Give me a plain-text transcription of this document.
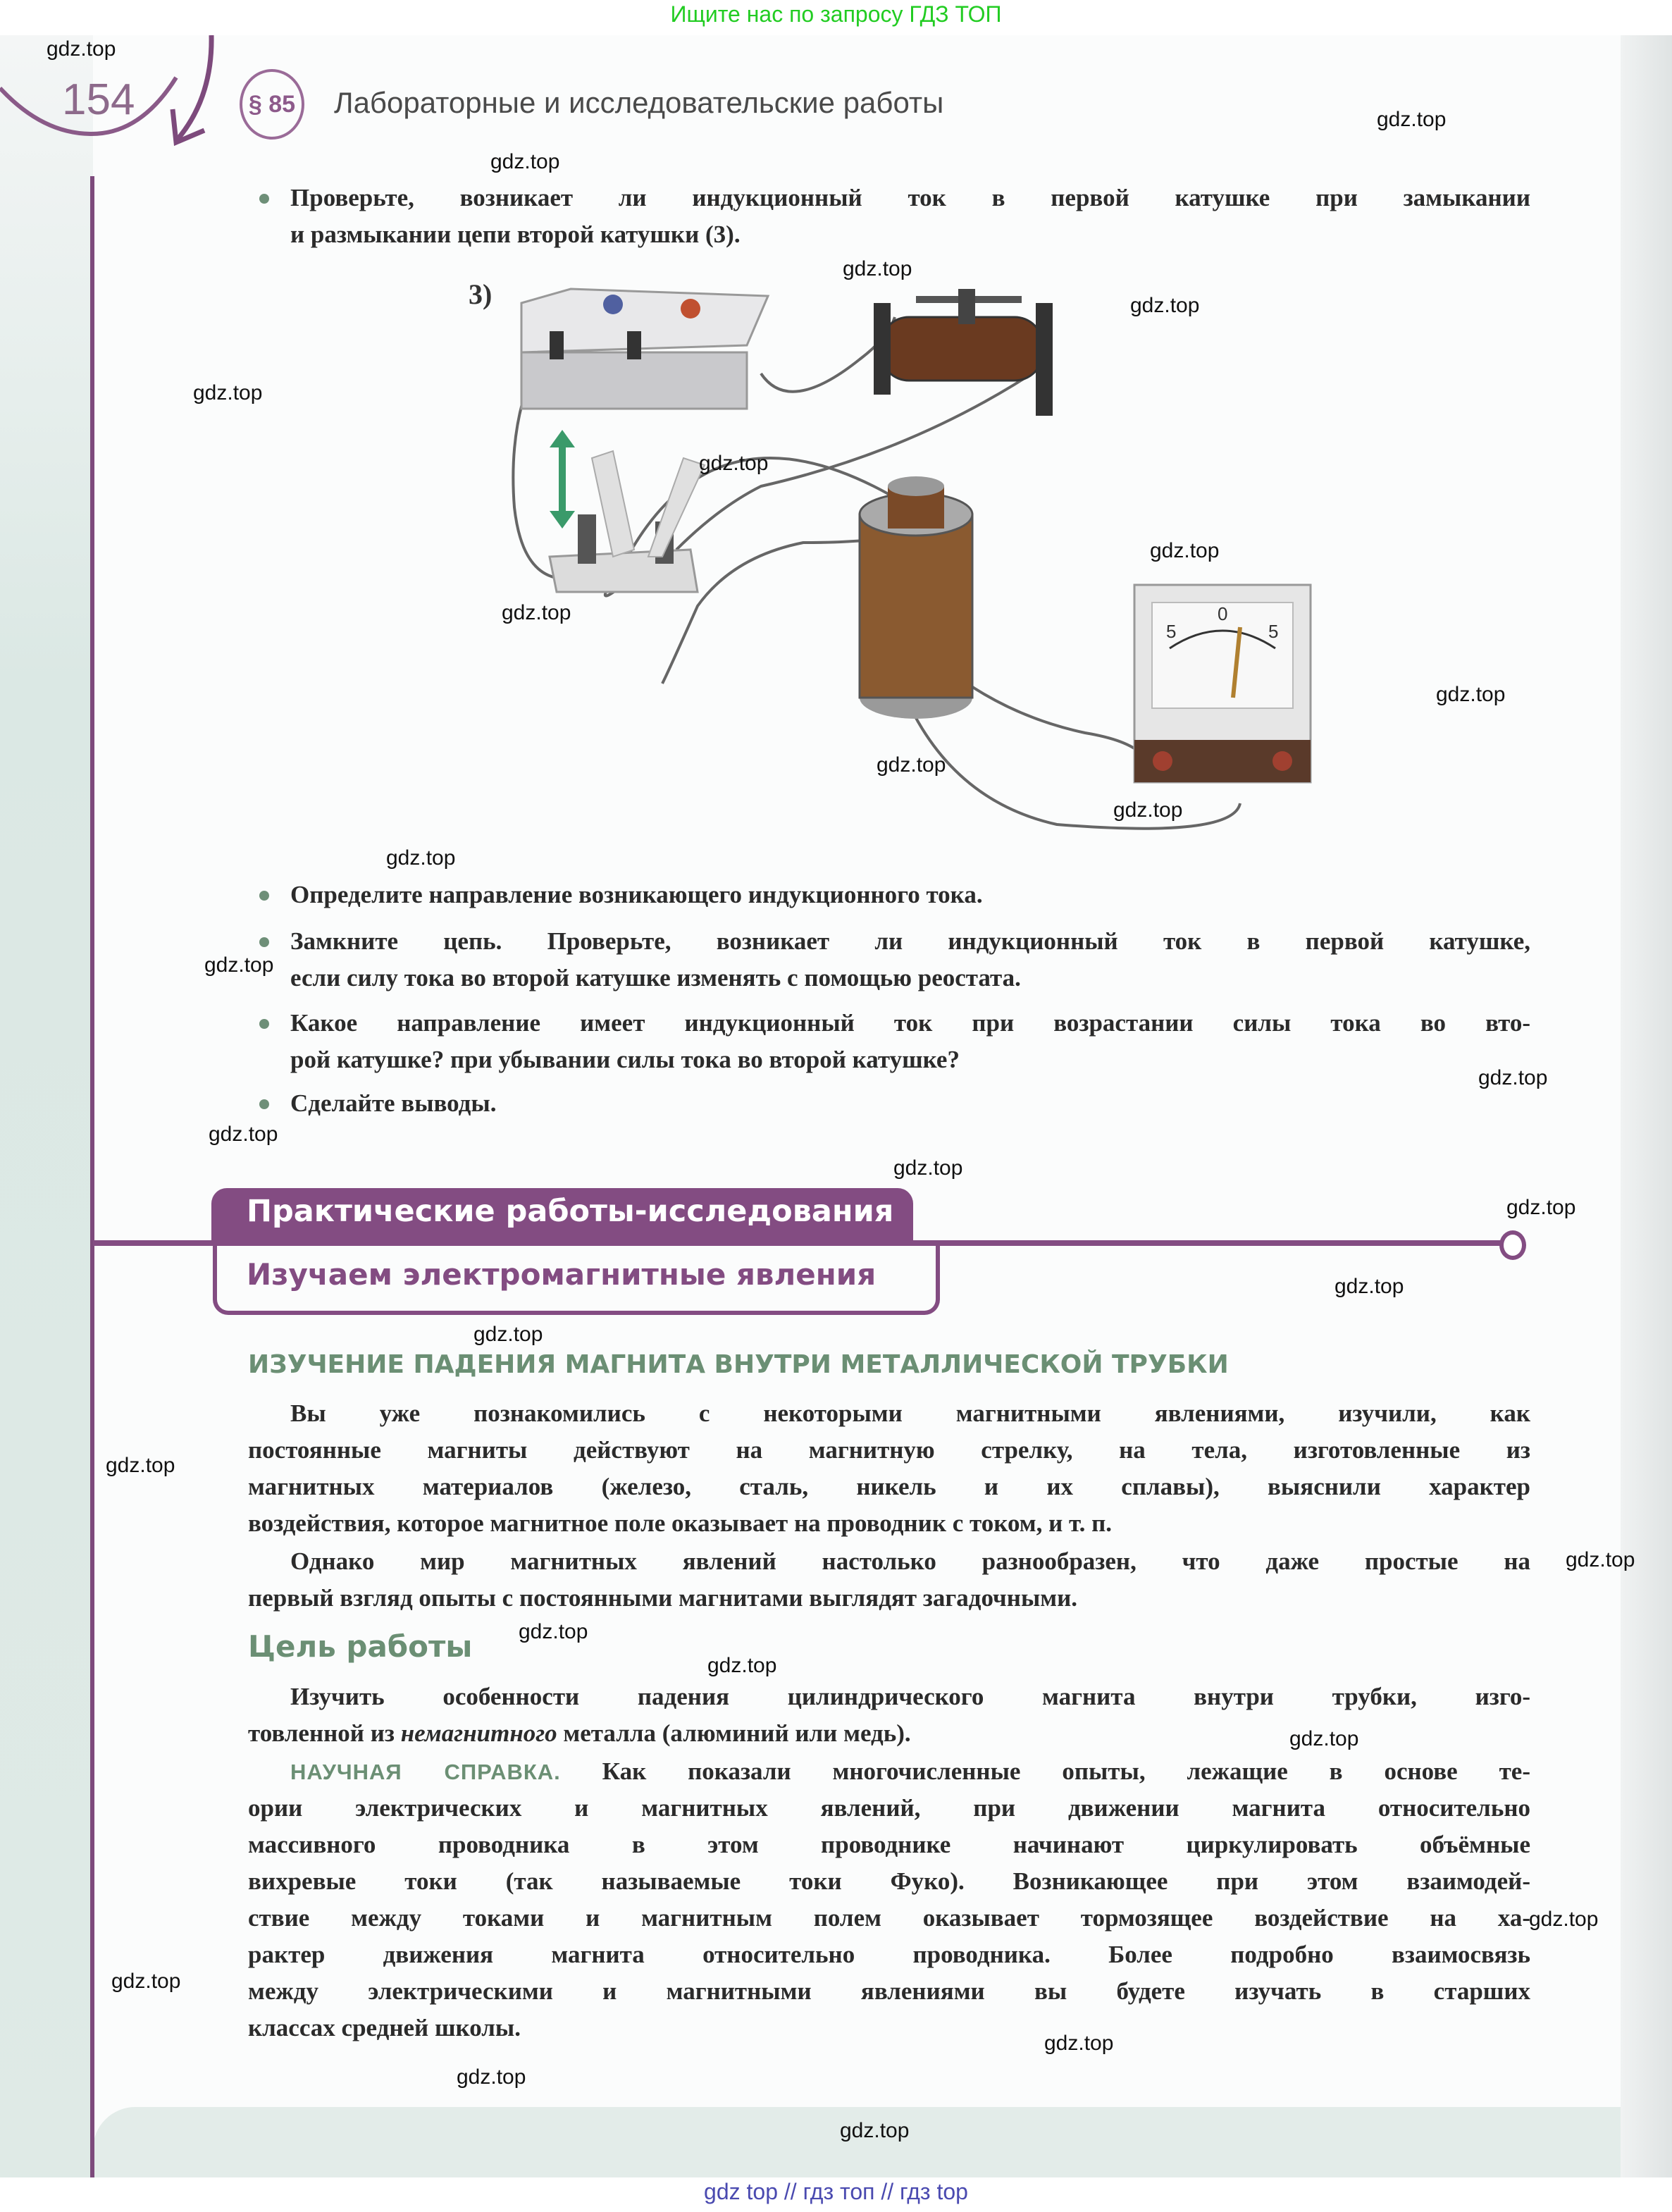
Ищите нас по запросу ГДЗ ТОП
154	§ 85	Лабораторные и исследовательские работы
Проверьте, возникает ли индукционный ток в первой катушке при замыкании
и размыкании цепи второй катушки (3).
Определите направление возникающего индукционного тока.
Замкните цепь. Проверьте, возникает ли индукционный ток в первой катушке,
если силу тока во второй катушке изменять с помощью реостата.
Какое направление имеет индукционный ток при возрастании силы тока во вто-
рой катушке? при убывании силы тока во второй катушке?
Сделайте выводы.
Вы уже познакомились с некоторыми магнитными явлениями, изучили, как
постоянные магниты действуют на магнитную стрелку, на тела, изготовленные из
магнитных материалов (железо, сталь, никель и их сплавы), выяснили характер
воздействия, которое магнитное поле оказывает на проводник с током, и т. п.
Однако мир магнитных явлений настолько разнообразен, что даже простые на
первый взгляд опыты с постоянными магнитами выглядят загадочными.
Изучить особенности падения цилиндрического магнита внутри трубки, изго-
товленной из немагнитного металла (алюминий или медь).
НАУЧНАЯ СПРАВКА. Как показали многочисленные опыты, лежащие в основе те-
ории электрических и магнитных явлений, при движении магнита относительно
массивного проводника в этом проводнике начинают циркулировать объёмные
вихревые токи (так называемые токи Фуко). Возникающее при этом взаимодей-
ствие между токами и магнитным полем оказывает тормозящее воздействие на ха-
рактер движения магнита относительно проводника. Более подробно взаимосвязь
между электрическими и магнитными явлениями вы будете изучать в старших
классах средней школы.
3)
5
0
5
Практические работы-исследования
Изучаем электромагнитные явления
ИЗУЧЕНИЕ ПАДЕНИЯ МАГНИТА ВНУТРИ МЕТАЛЛИЧЕСКОЙ ТРУБКИ
Цель работы
gdz.top
gdz.top
gdz.top
gdz.top
gdz.top
gdz.top
gdz.top
gdz.top
gdz.top
gdz.top
gdz.top
gdz.top
gdz.top
gdz.top
gdz.top
gdz.top
gdz.top
gdz.top
gdz.top
gdz.top
gdz.top
gdz.top
gdz.top
gdz.top
gdz.top
gdz.top
gdz.top
gdz.top
gdz.top
gdz.top
gdz top // гдз топ // гдз top
